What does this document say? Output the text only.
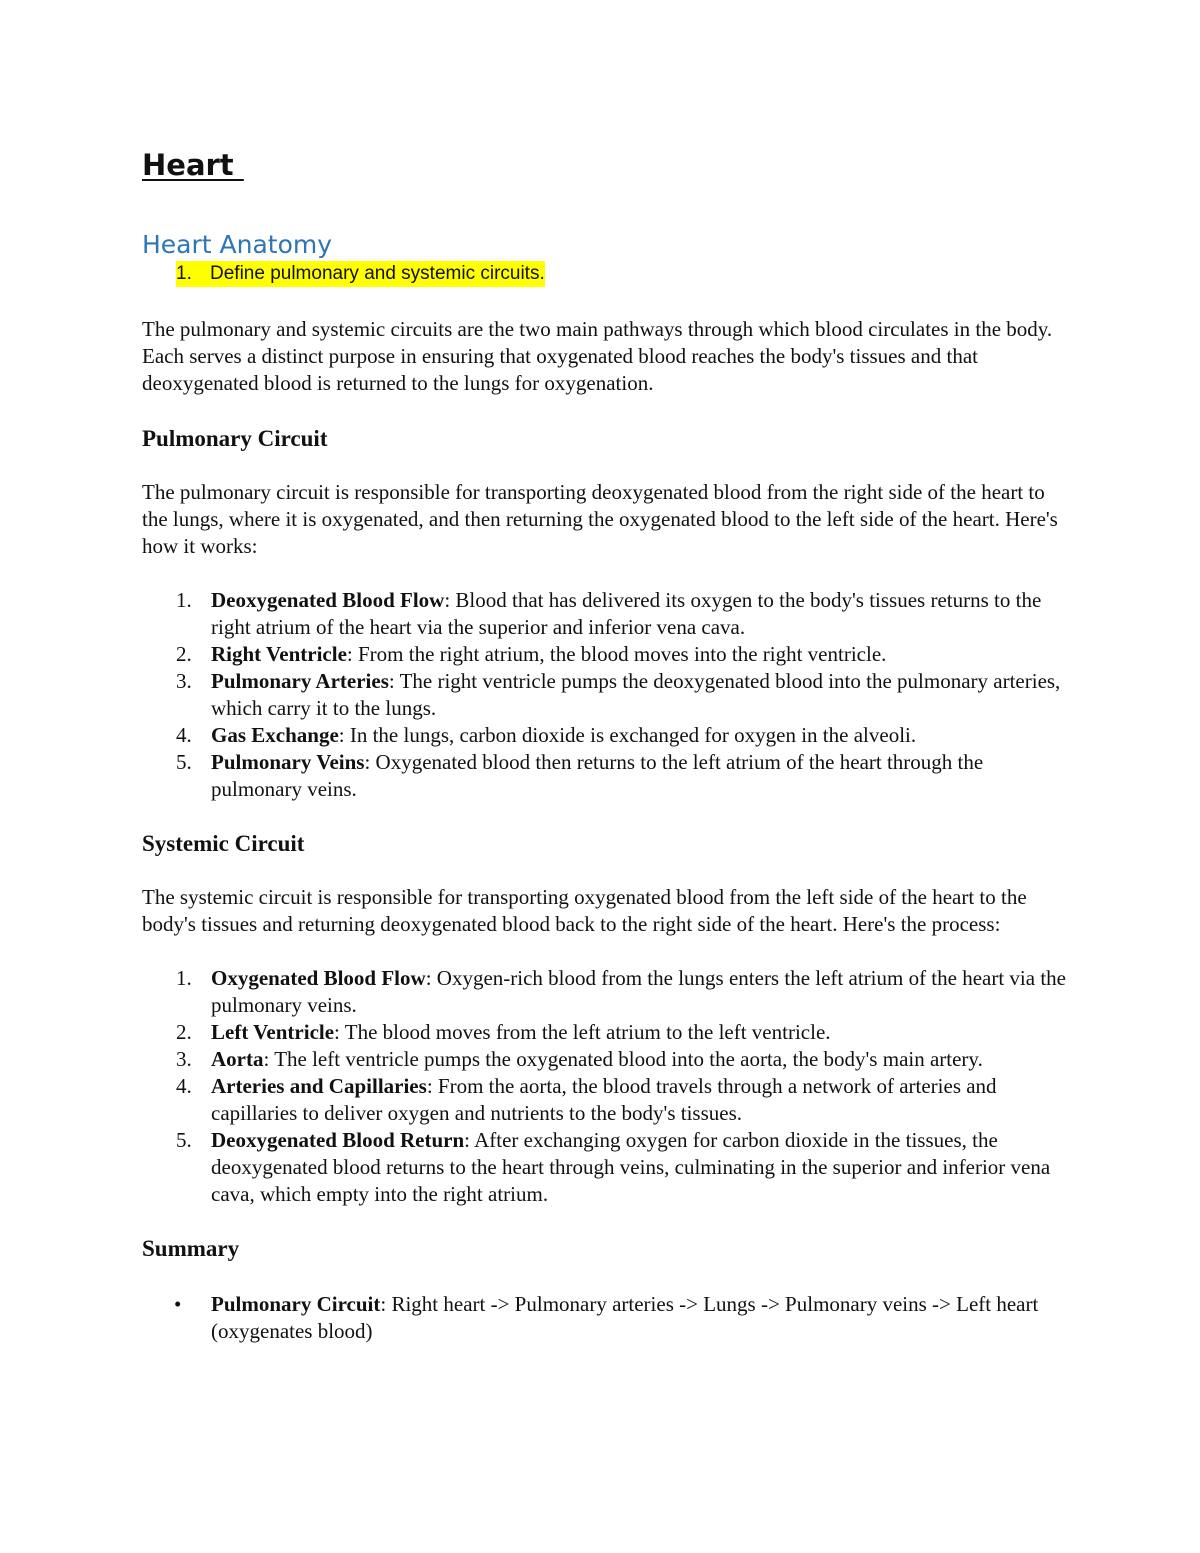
Heart
Heart Anatomy
1. Define pulmonary and systemic circuits.

The pulmonary and systemic circuits are the two main pathways through which blood circulates in the body. Each serves a distinct purpose in ensuring that oxygenated blood reaches the body's tissues and that deoxygenated blood is returned to the lungs for oxygenation.

Pulmonary Circuit

The pulmonary circuit is responsible for transporting deoxygenated blood from the right side of the heart to the lungs, where it is oxygenated, and then returning the oxygenated blood to the left side of the heart. Here's how it works:

1. Deoxygenated Blood Flow: Blood that has delivered its oxygen to the body's tissues returns to the right atrium of the heart via the superior and inferior vena cava.
2. Right Ventricle: From the right atrium, the blood moves into the right ventricle.
3. Pulmonary Arteries: The right ventricle pumps the deoxygenated blood into the pulmonary arteries, which carry it to the lungs.
4. Gas Exchange: In the lungs, carbon dioxide is exchanged for oxygen in the alveoli.
5. Pulmonary Veins: Oxygenated blood then returns to the left atrium of the heart through the pulmonary veins.
Systemic Circuit

The systemic circuit is responsible for transporting oxygenated blood from the left side of the heart to the body's tissues and returning deoxygenated blood back to the right side of the heart. Here's the process:

1. Oxygenated Blood Flow: Oxygen-rich blood from the lungs enters the left atrium of the heart via the pulmonary veins.
2. Left Ventricle: The blood moves from the left atrium to the left ventricle.
3. Aorta: The left ventricle pumps the oxygenated blood into the aorta, the body's main artery.
4. Arteries and Capillaries: From the aorta, the blood travels through a network of arteries and capillaries to deliver oxygen and nutrients to the body's tissues.
5. Deoxygenated Blood Return: After exchanging oxygen for carbon dioxide in the tissues, the deoxygenated blood returns to the heart through veins, culminating in the superior and inferior vena cava, which empty into the right atrium.
Summary
•	Pulmonary Circuit: Right heart -> Pulmonary arteries -> Lungs -> Pulmonary veins -> Left heart (oxygenates blood)
